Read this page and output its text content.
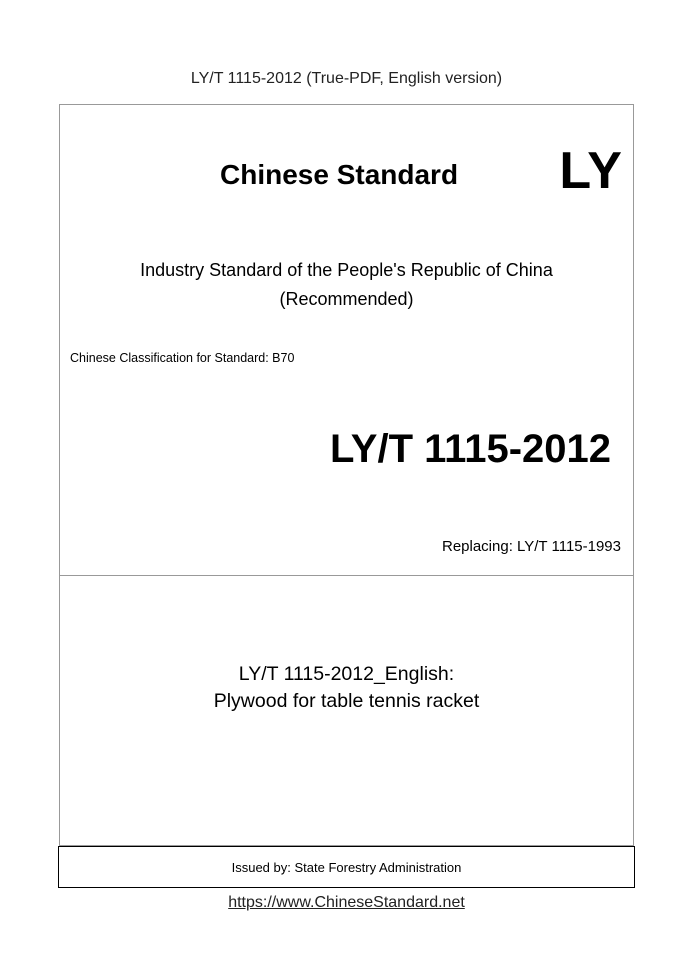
LY/T 1115-2012 (True-PDF, English version)
Chinese Standard LY
Industry Standard of the People's Republic of China
(Recommended)
Chinese Classification for Standard: B70
LY/T 1115-2012
Replacing: LY/T 1115-1993
LY/T 1115-2012_English:
Plywood for table tennis racket
Issued by: State Forestry Administration
https://www.ChineseStandard.net
